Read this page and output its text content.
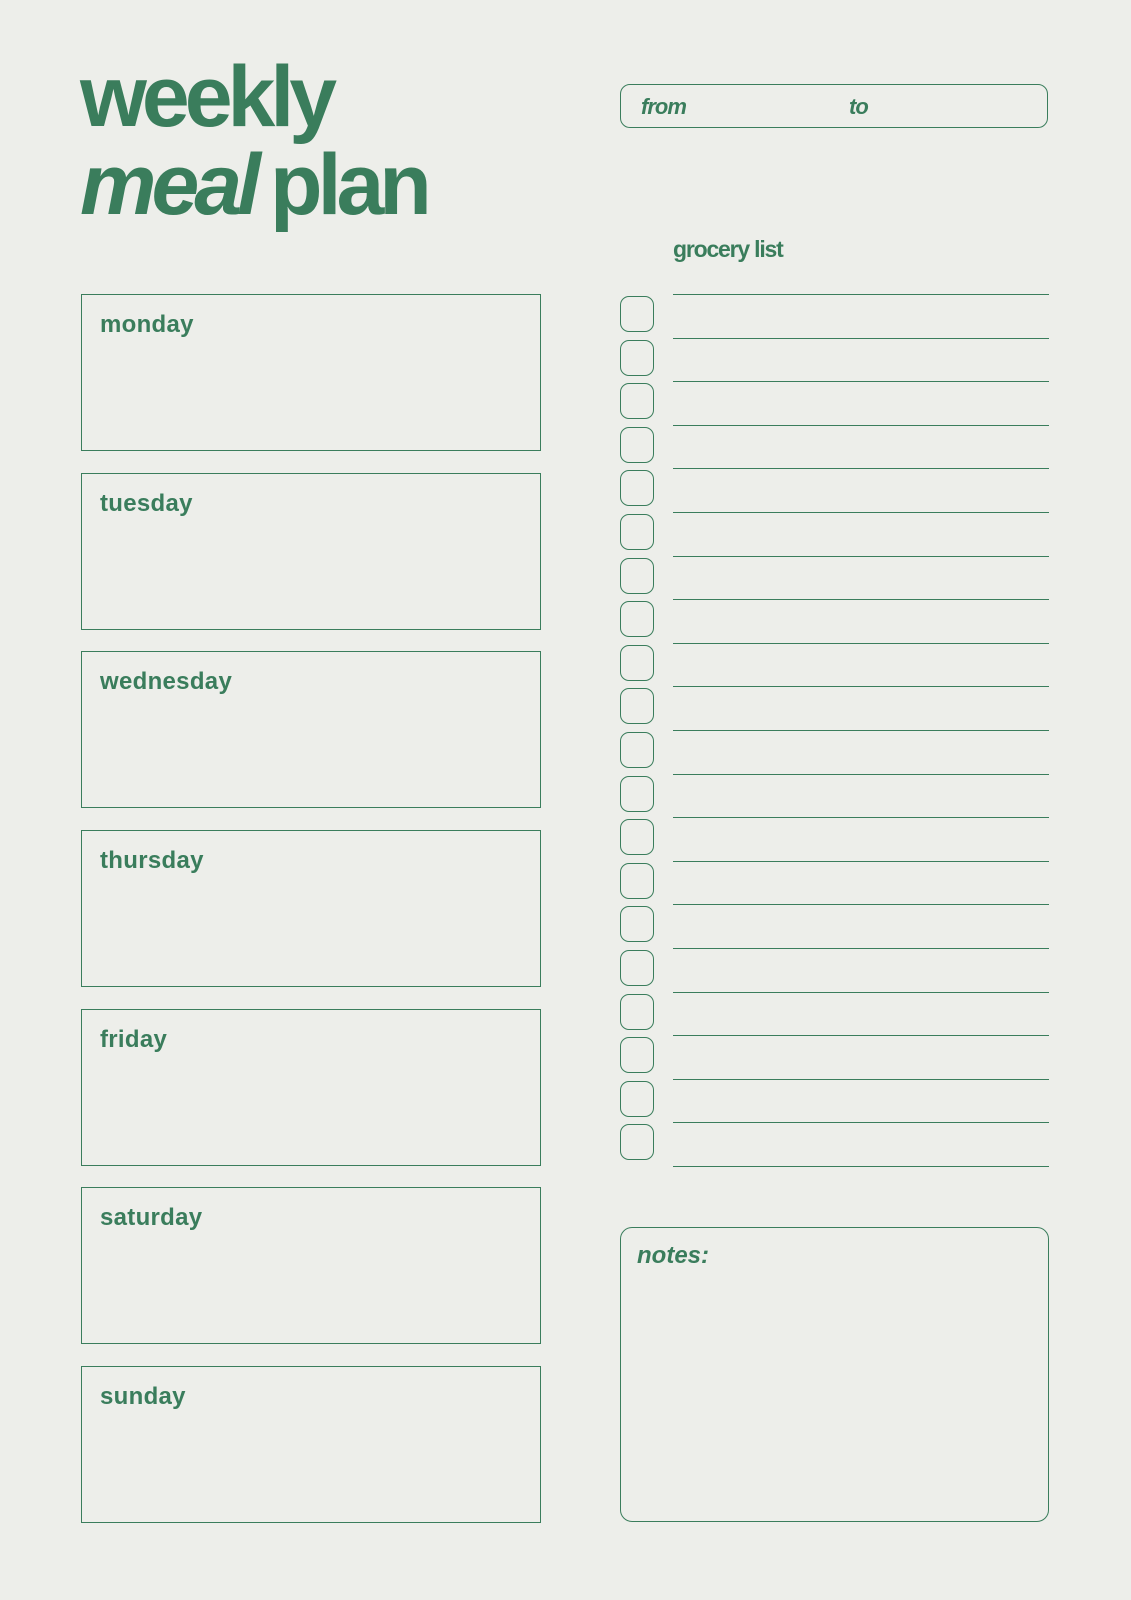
weekly
meal plan
from	to
monday
tuesday
wednesday
thursday
friday
saturday
sunday
grocery list
notes:
